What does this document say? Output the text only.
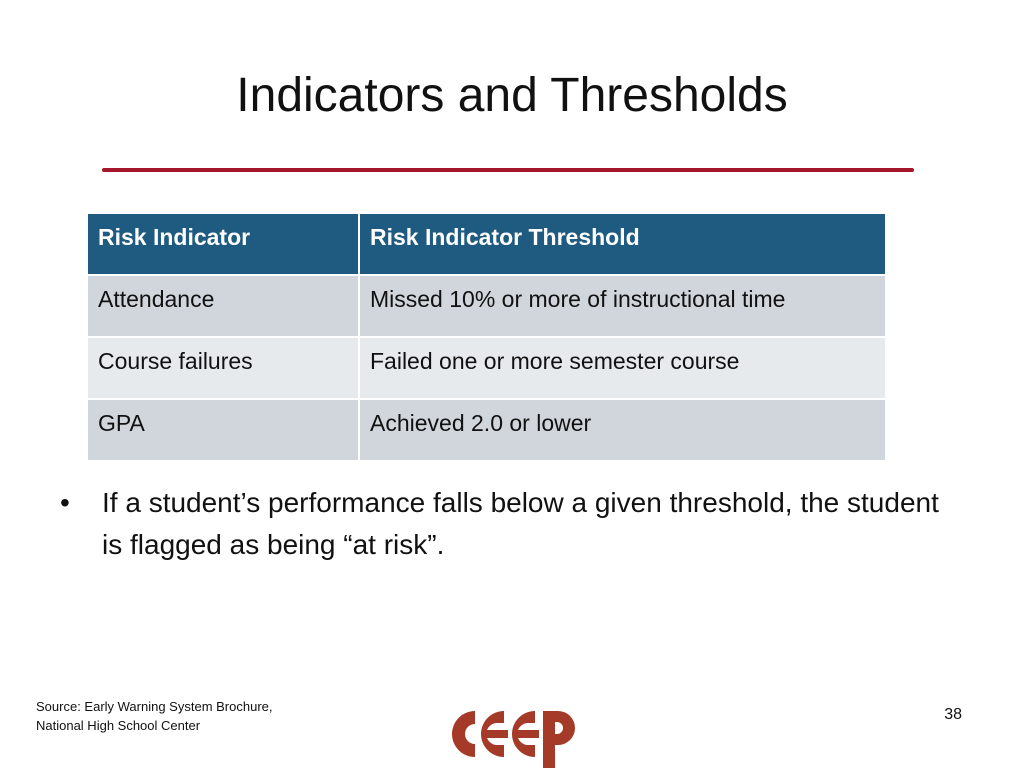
Indicators and Thresholds
Risk Indicator	Risk Indicator Threshold
Attendance	Missed 10% or more of instructional time
Course failures	Failed one or more semester course
GPA	Achieved 2.0 or lower
•	If a student’s performance falls below a given threshold, the student is flagged as being “at risk”.
Source: Early Warning System Brochure,
National High School Center
38
